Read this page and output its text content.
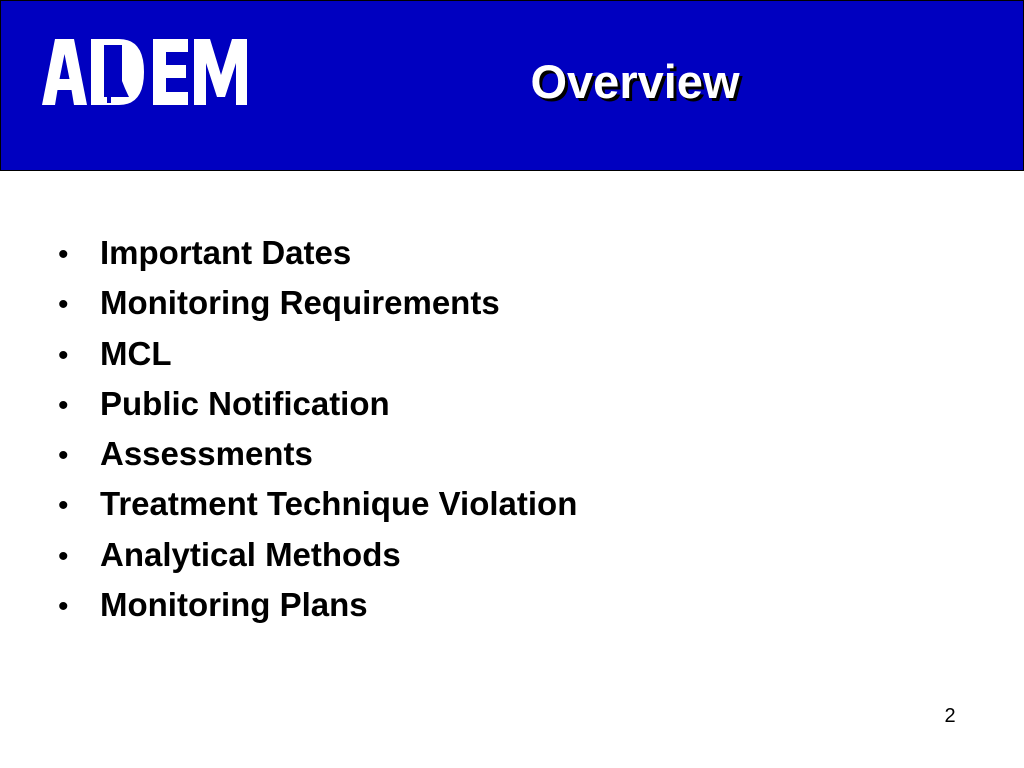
Overview
• Important Dates
• Monitoring Requirements
• MCL
• Public Notification
• Assessments
• Treatment Technique Violation
• Analytical Methods
• Monitoring Plans
2
